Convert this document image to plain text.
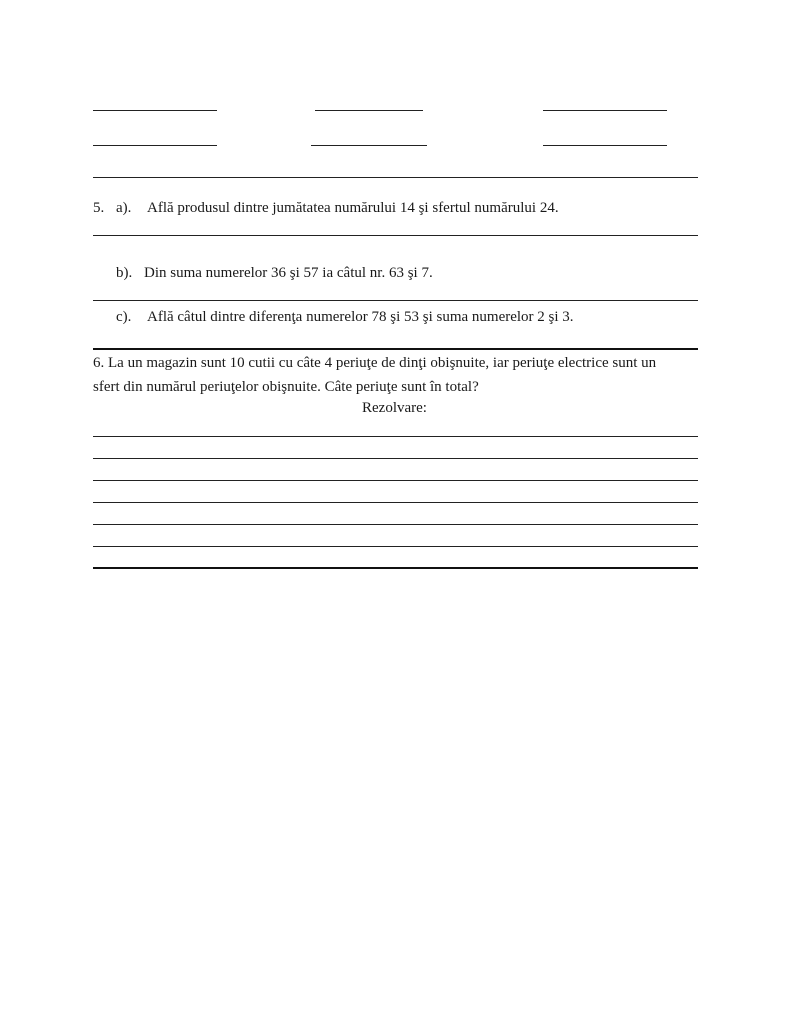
5. a). Află produsul dintre jumătatea numărului 14 şi sfertul numărului 24.
b). Din suma numerelor 36 şi 57 ia câtul nr. 63 şi 7.
c). Află câtul dintre diferenţa numerelor 78 şi 53 şi suma numerelor 2 şi 3.
6. La un magazin sunt 10 cutii cu câte 4 periuţe de dinţi obişnuite, iar periuţe electrice sunt un
sfert din numărul periuţelor obişnuite. Câte periuţe sunt în total?
Rezolvare:
